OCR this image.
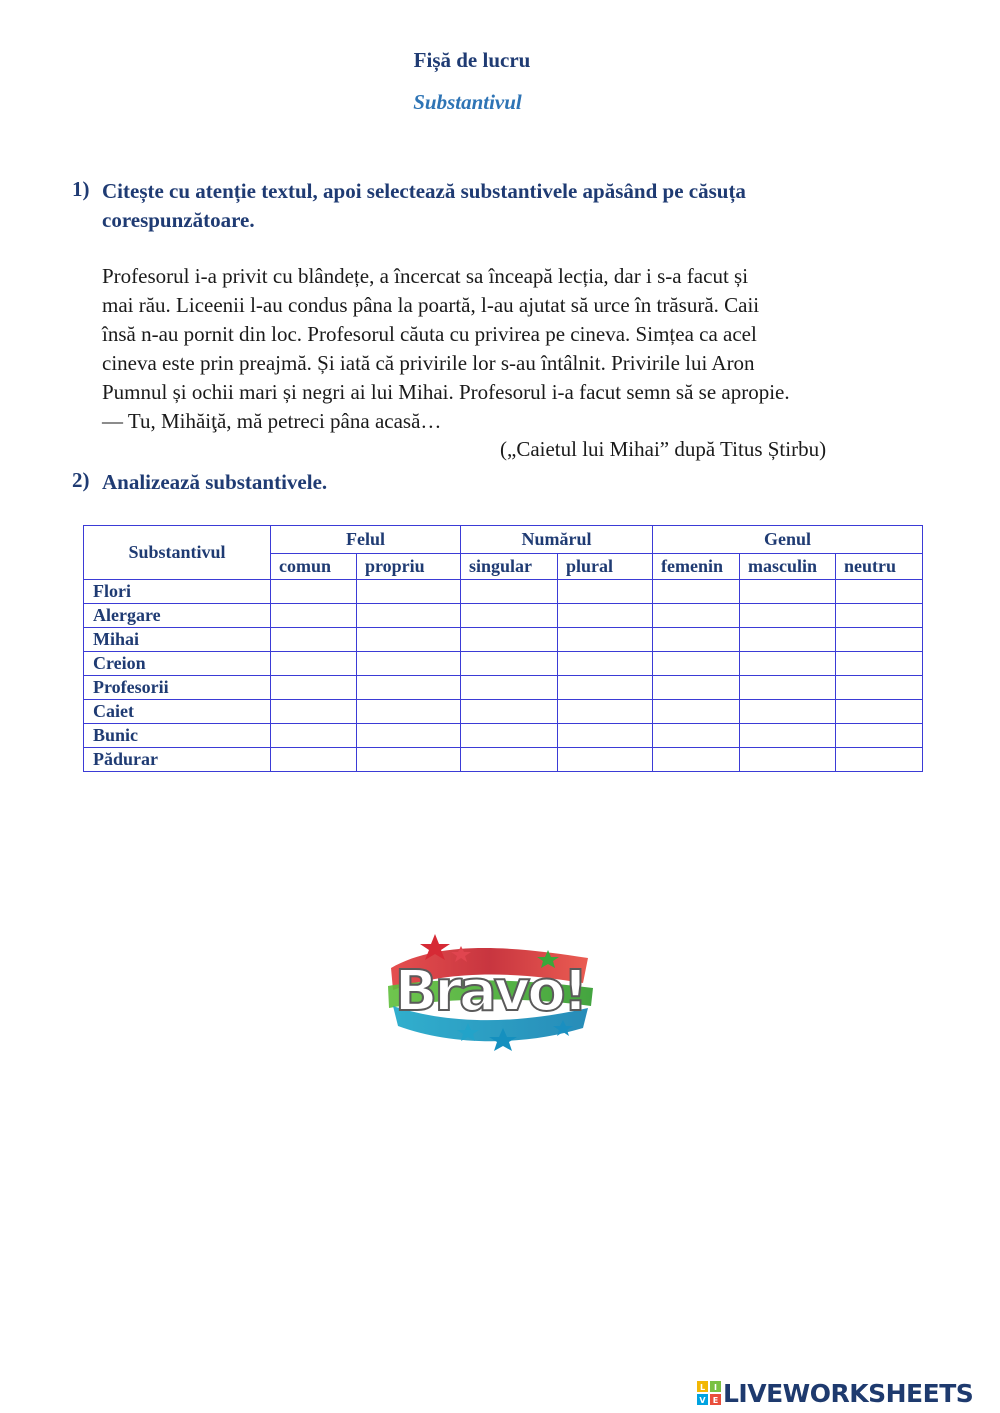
Fișă de lucru
Substantivul
1) Citește cu atenție textul, apoi selectează substantivele apăsând pe căsuța
corespunzătoare.
Profesorul i-a privit cu blândețe, a încercat sa înceapă lecția, dar i s-a facut și
mai rău. Liceenii l-au condus pâna la poartă, l-au ajutat să urce în trăsură. Caii
însă n-au pornit din loc. Profesorul căuta cu privirea pe cineva. Simțea ca acel
cineva este prin preajmă. Și iată că privirile lor s-au întâlnit. Privirile lui Aron
Pumnul și ochii mari și negri ai lui Mihai. Profesorul i-a facut semn să se apropie.
— Tu, Mihăiţă, mă petreci pâna acasă…
(„Caietul lui Mihai” după Titus Știrbu)
2) Analizează substantivele.
Substantivul	Felul		Numărul		Genul		
	comun	propriu	singular	plural	femenin	masculin	neutru
Flori							
Alergare							
Mihai							
Creion							
Profesorii							
Caiet							
Bunic							
Pădurar							
Bravo!
L I
V E LIVEWORKSHEETS
